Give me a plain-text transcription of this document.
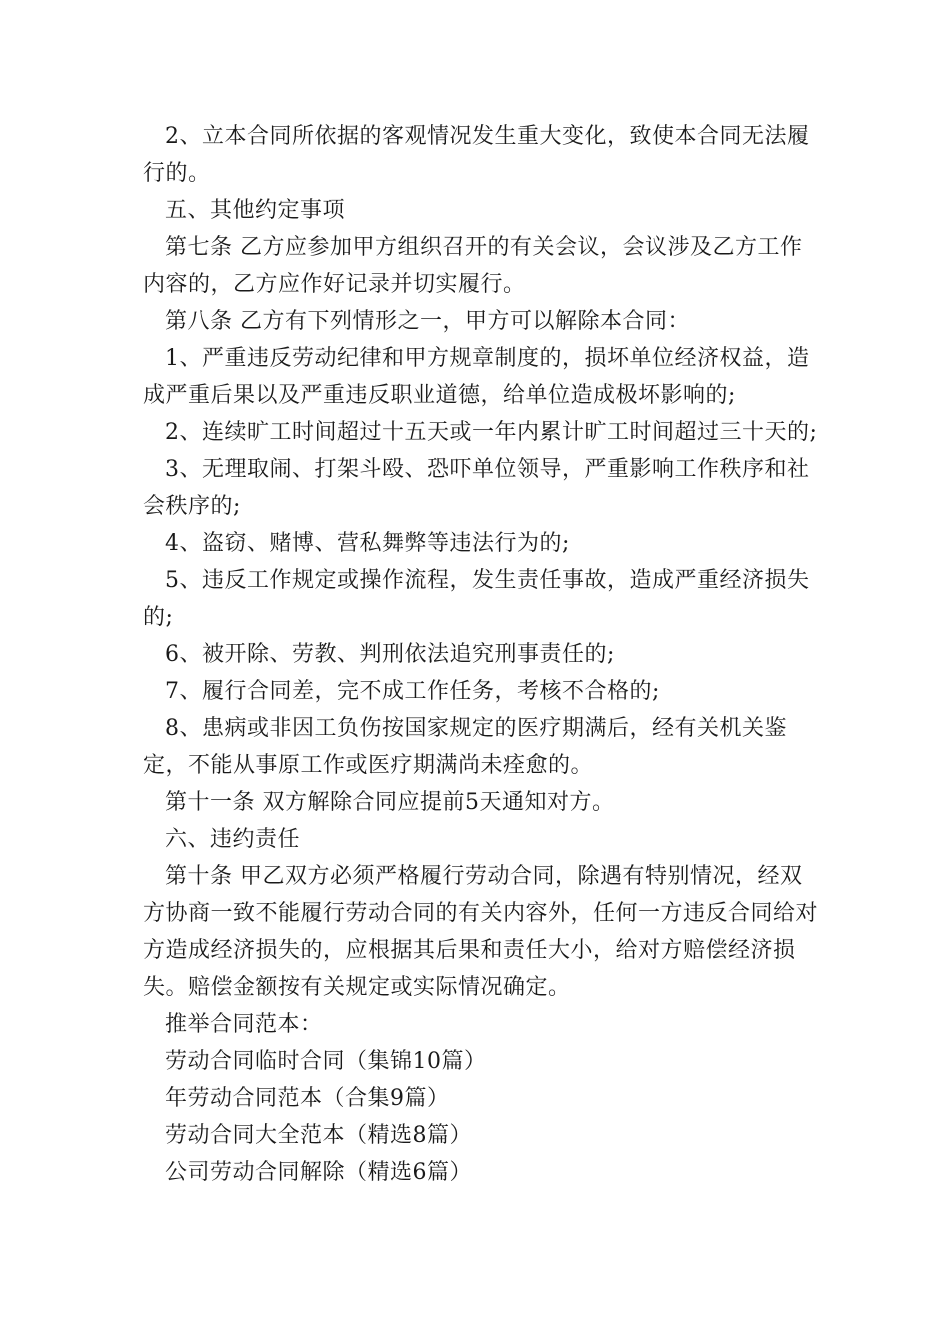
2、立本合同所依据的客观情况发生重大变化，致使本合同无法履行的。

五、其他约定事项

第七条 乙方应参加甲方组织召开的有关会议，会议涉及乙方工作内容的，乙方应作好记录并切实履行。

第八条 乙方有下列情形之一，甲方可以解除本合同：

1、严重违反劳动纪律和甲方规章制度的，损坏单位经济权益，造成严重后果以及严重违反职业道德，给单位造成极坏影响的;

2、连续旷工时间超过十五天或一年内累计旷工时间超过三十天的;

3、无理取闹、打架斗殴、恐吓单位领导，严重影响工作秩序和社会秩序的;

4、盗窃、赌博、营私舞弊等违法行为的;

5、违反工作规定或操作流程，发生责任事故，造成严重经济损失的;

6、被开除、劳教、判刑依法追究刑事责任的;

7、履行合同差，完不成工作任务，考核不合格的;

8、患病或非因工负伤按国家规定的医疗期满后，经有关机关鉴定，不能从事原工作或医疗期满尚未痊愈的。

第十一条 双方解除合同应提前5天通知对方。

六、违约责任

第十条 甲乙双方必须严格履行劳动合同，除遇有特别情况，经双方协商一致不能履行劳动合同的有关内容外，任何一方违反合同给对方造成经济损失的，应根据其后果和责任大小，给对方赔偿经济损失。赔偿金额按有关规定或实际情况确定。

推举合同范本：

劳动合同临时合同（集锦10篇）

年劳动合同范本（合集9篇）

劳动合同大全范本（精选8篇）

公司劳动合同解除（精选6篇）
